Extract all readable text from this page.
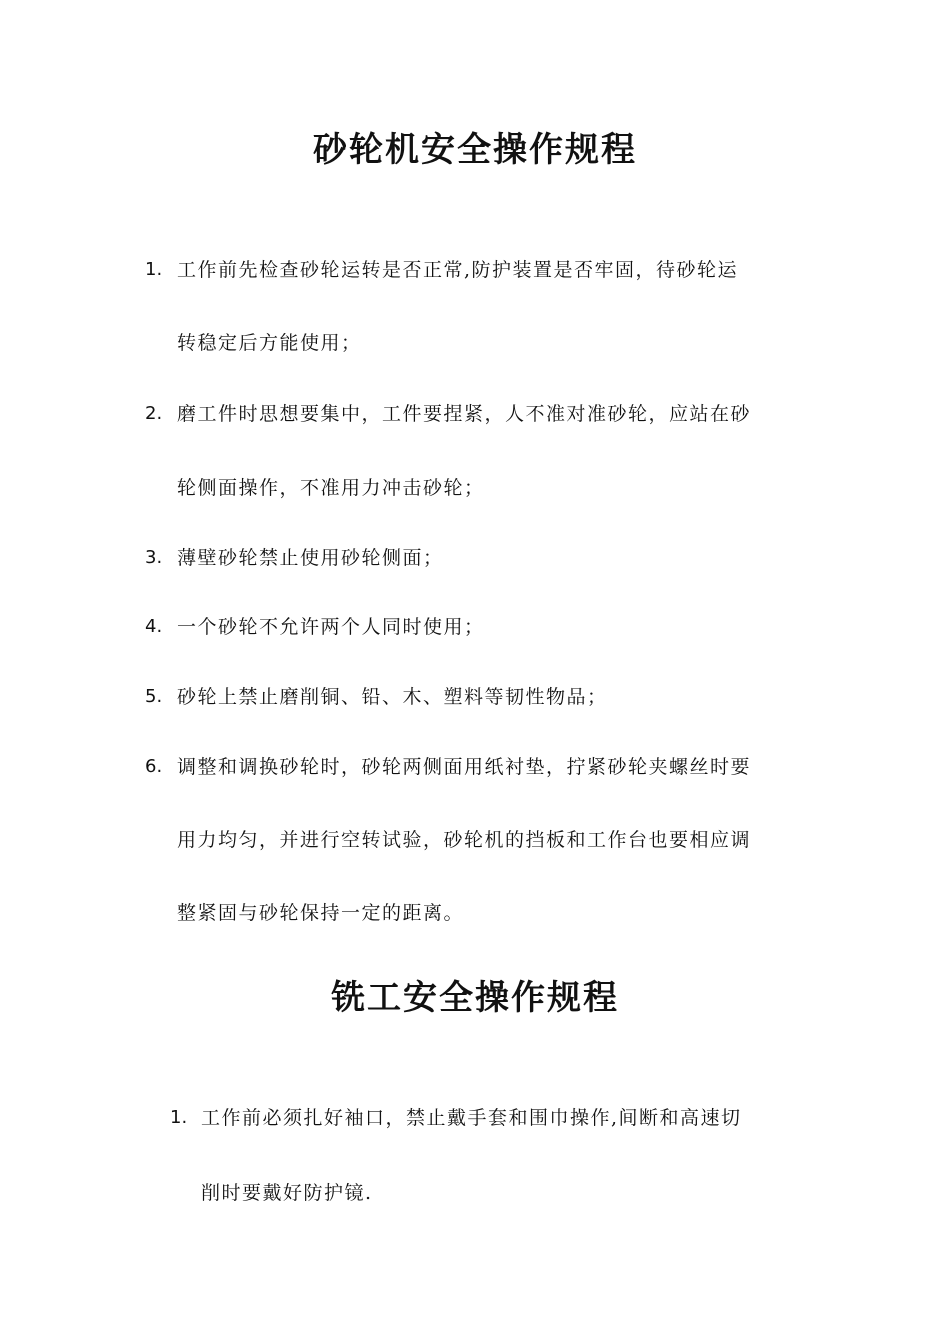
砂轮机安全操作规程
1. 工作前先检查砂轮运转是否正常,防护装置是否牢固，待砂轮运

转稳定后方能使用；

2. 磨工件时思想要集中，工件要捏紧，人不准对准砂轮，应站在砂

轮侧面操作，不准用力冲击砂轮；

3. 薄壁砂轮禁止使用砂轮侧面；

4. 一个砂轮不允许两个人同时使用；

5. 砂轮上禁止磨削铜、铅、木、塑料等韧性物品；

6. 调整和调换砂轮时，砂轮两侧面用纸衬垫，拧紧砂轮夹螺丝时要

用力均匀，并进行空转试验，砂轮机的挡板和工作台也要相应调

整紧固与砂轮保持一定的距离。

铣工安全操作规程
1. 工作前必须扎好袖口，禁止戴手套和围巾操作,间断和高速切

削时要戴好防护镜.
